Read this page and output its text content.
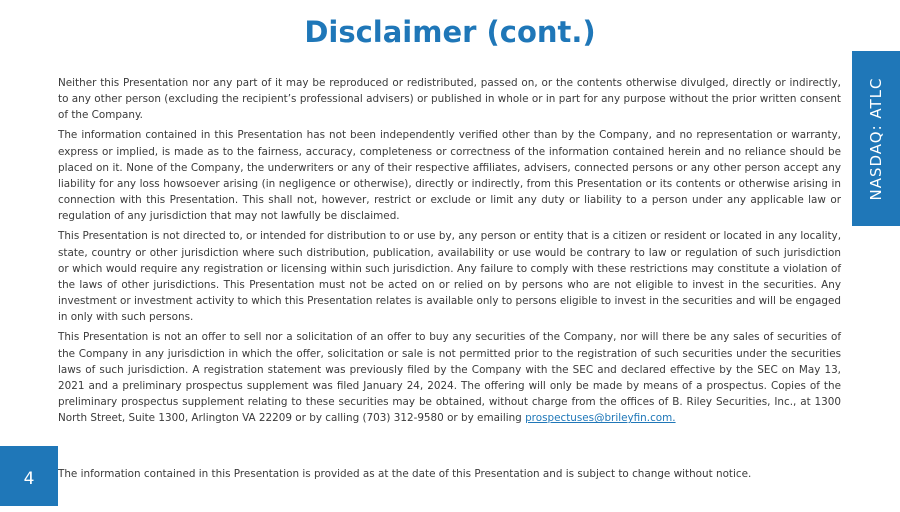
Disclaimer (cont.)
NASDAQ: ATLC

Neither this Presentation nor any part of it may be reproduced or redistributed, passed on, or the contents otherwise divulged, directly or indirectly, to any other person (excluding the recipient’s professional advisers) or published in whole or in part for any purpose without the prior written consent of the Company.

The information contained in this Presentation has not been independently verified other than by the Company, and no representation or warranty, express or implied, is made as to the fairness, accuracy, completeness or correctness of the information contained herein and no reliance should be placed on it. None of the Company, the underwriters or any of their respective affiliates, advisers, connected persons or any other person accept any liability for any loss howsoever arising (in negligence or otherwise), directly or indirectly, from this Presentation or its contents or otherwise arising in connection with this Presentation. This shall not, however, restrict or exclude or limit any duty or liability to a person under any applicable law or regulation of any jurisdiction that may not lawfully be disclaimed.

This Presentation is not directed to, or intended for distribution to or use by, any person or entity that is a citizen or resident or located in any locality, state, country or other jurisdiction where such distribution, publication, availability or use would be contrary to law or regulation of such jurisdiction or which would require any registration or licensing within such jurisdiction. Any failure to comply with these restrictions may constitute a violation of the laws of other jurisdictions. This Presentation must not be acted on or relied on by persons who are not eligible to invest in the securities. Any investment or investment activity to which this Presentation relates is available only to persons eligible to invest in the securities and will be engaged in only with such persons.

This Presentation is not an offer to sell nor a solicitation of an offer to buy any securities of the Company, nor will there be any sales of securities of the Company in any jurisdiction in which the offer, solicitation or sale is not permitted prior to the registration of such securities under the securities laws of such jurisdiction. A registration statement was previously filed by the Company with the SEC and declared effective by the SEC on May 13, 2021 and a preliminary prospectus supplement was filed January 24, 2024. The offering will only be made by means of a prospectus. Copies of the preliminary prospectus supplement relating to these securities may be obtained, without charge from the offices of B. Riley Securities, Inc., at 1300 North Street, Suite 1300, Arlington VA 22209 or by calling (703) 312-9580 or by emailing prospectuses@brileyfin.com.

The information contained in this Presentation is provided as at the date of this Presentation and is subject to change without notice.

4
